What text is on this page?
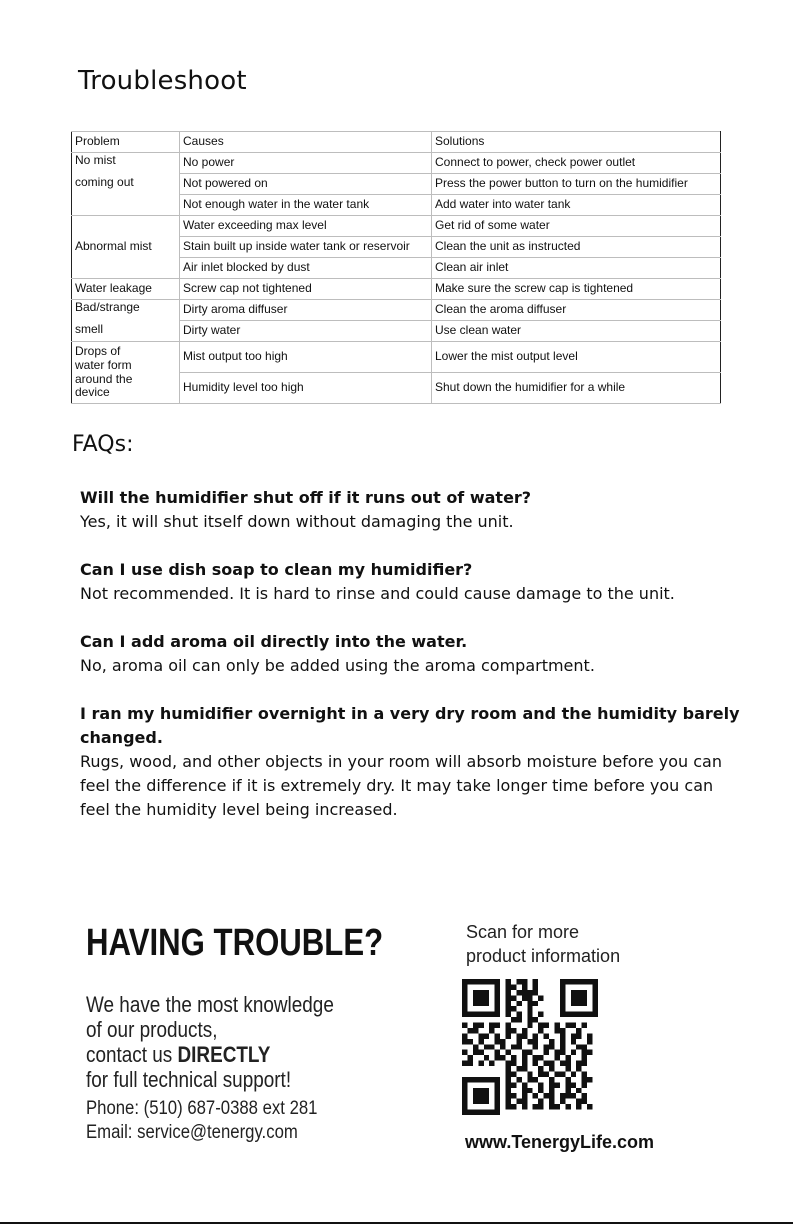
Troubleshoot
Problem	Causes	Solutions

No mist
coming out	No power	Connect to power, check power outlet
	Not powered on	Press the power button to turn on the humidifier
	Not enough water in the water tank	Add water into water tank

Abnormal mist	Water exceeding max level	Get rid of some water
	Stain built up inside water tank or reservoir	Clean the unit as instructed
	Air inlet blocked by dust	Clean air inlet

Water leakage	Screw cap not tightened	Make sure the screw cap is tightened

Bad/strange
smell	Dirty aroma diffuser	Clean the aroma diffuser
	Dirty water	Use clean water

Drops of
water form
around the
device	Mist output too high	Lower the mist output level
	Humidity level too high	Shut down the humidifier for a while
FAQs:
Will the humidifier shut off if it runs out of water?
Yes, it will shut itself down without damaging the unit.
Can I use dish soap to clean my humidifier?
Not recommended. It is hard to rinse and could cause damage to the unit.
Can I add aroma oil directly into the water.
No, aroma oil can only be added using the aroma compartment.
I ran my humidifier overnight in a very dry room and the humidity barely changed.
Rugs, wood, and other objects in your room will absorb moisture before you can feel the difference if it is extremely dry. It may take longer time before you can feel the humidity level being increased.
HAVING TROUBLE?
We have the most knowledge
of our products,
contact us DIRECTLY
for full technical support!
Phone: (510) 687-0388 ext 281
Email: service@tenergy.com
Scan for more
product information
www.TenergyLife.com
